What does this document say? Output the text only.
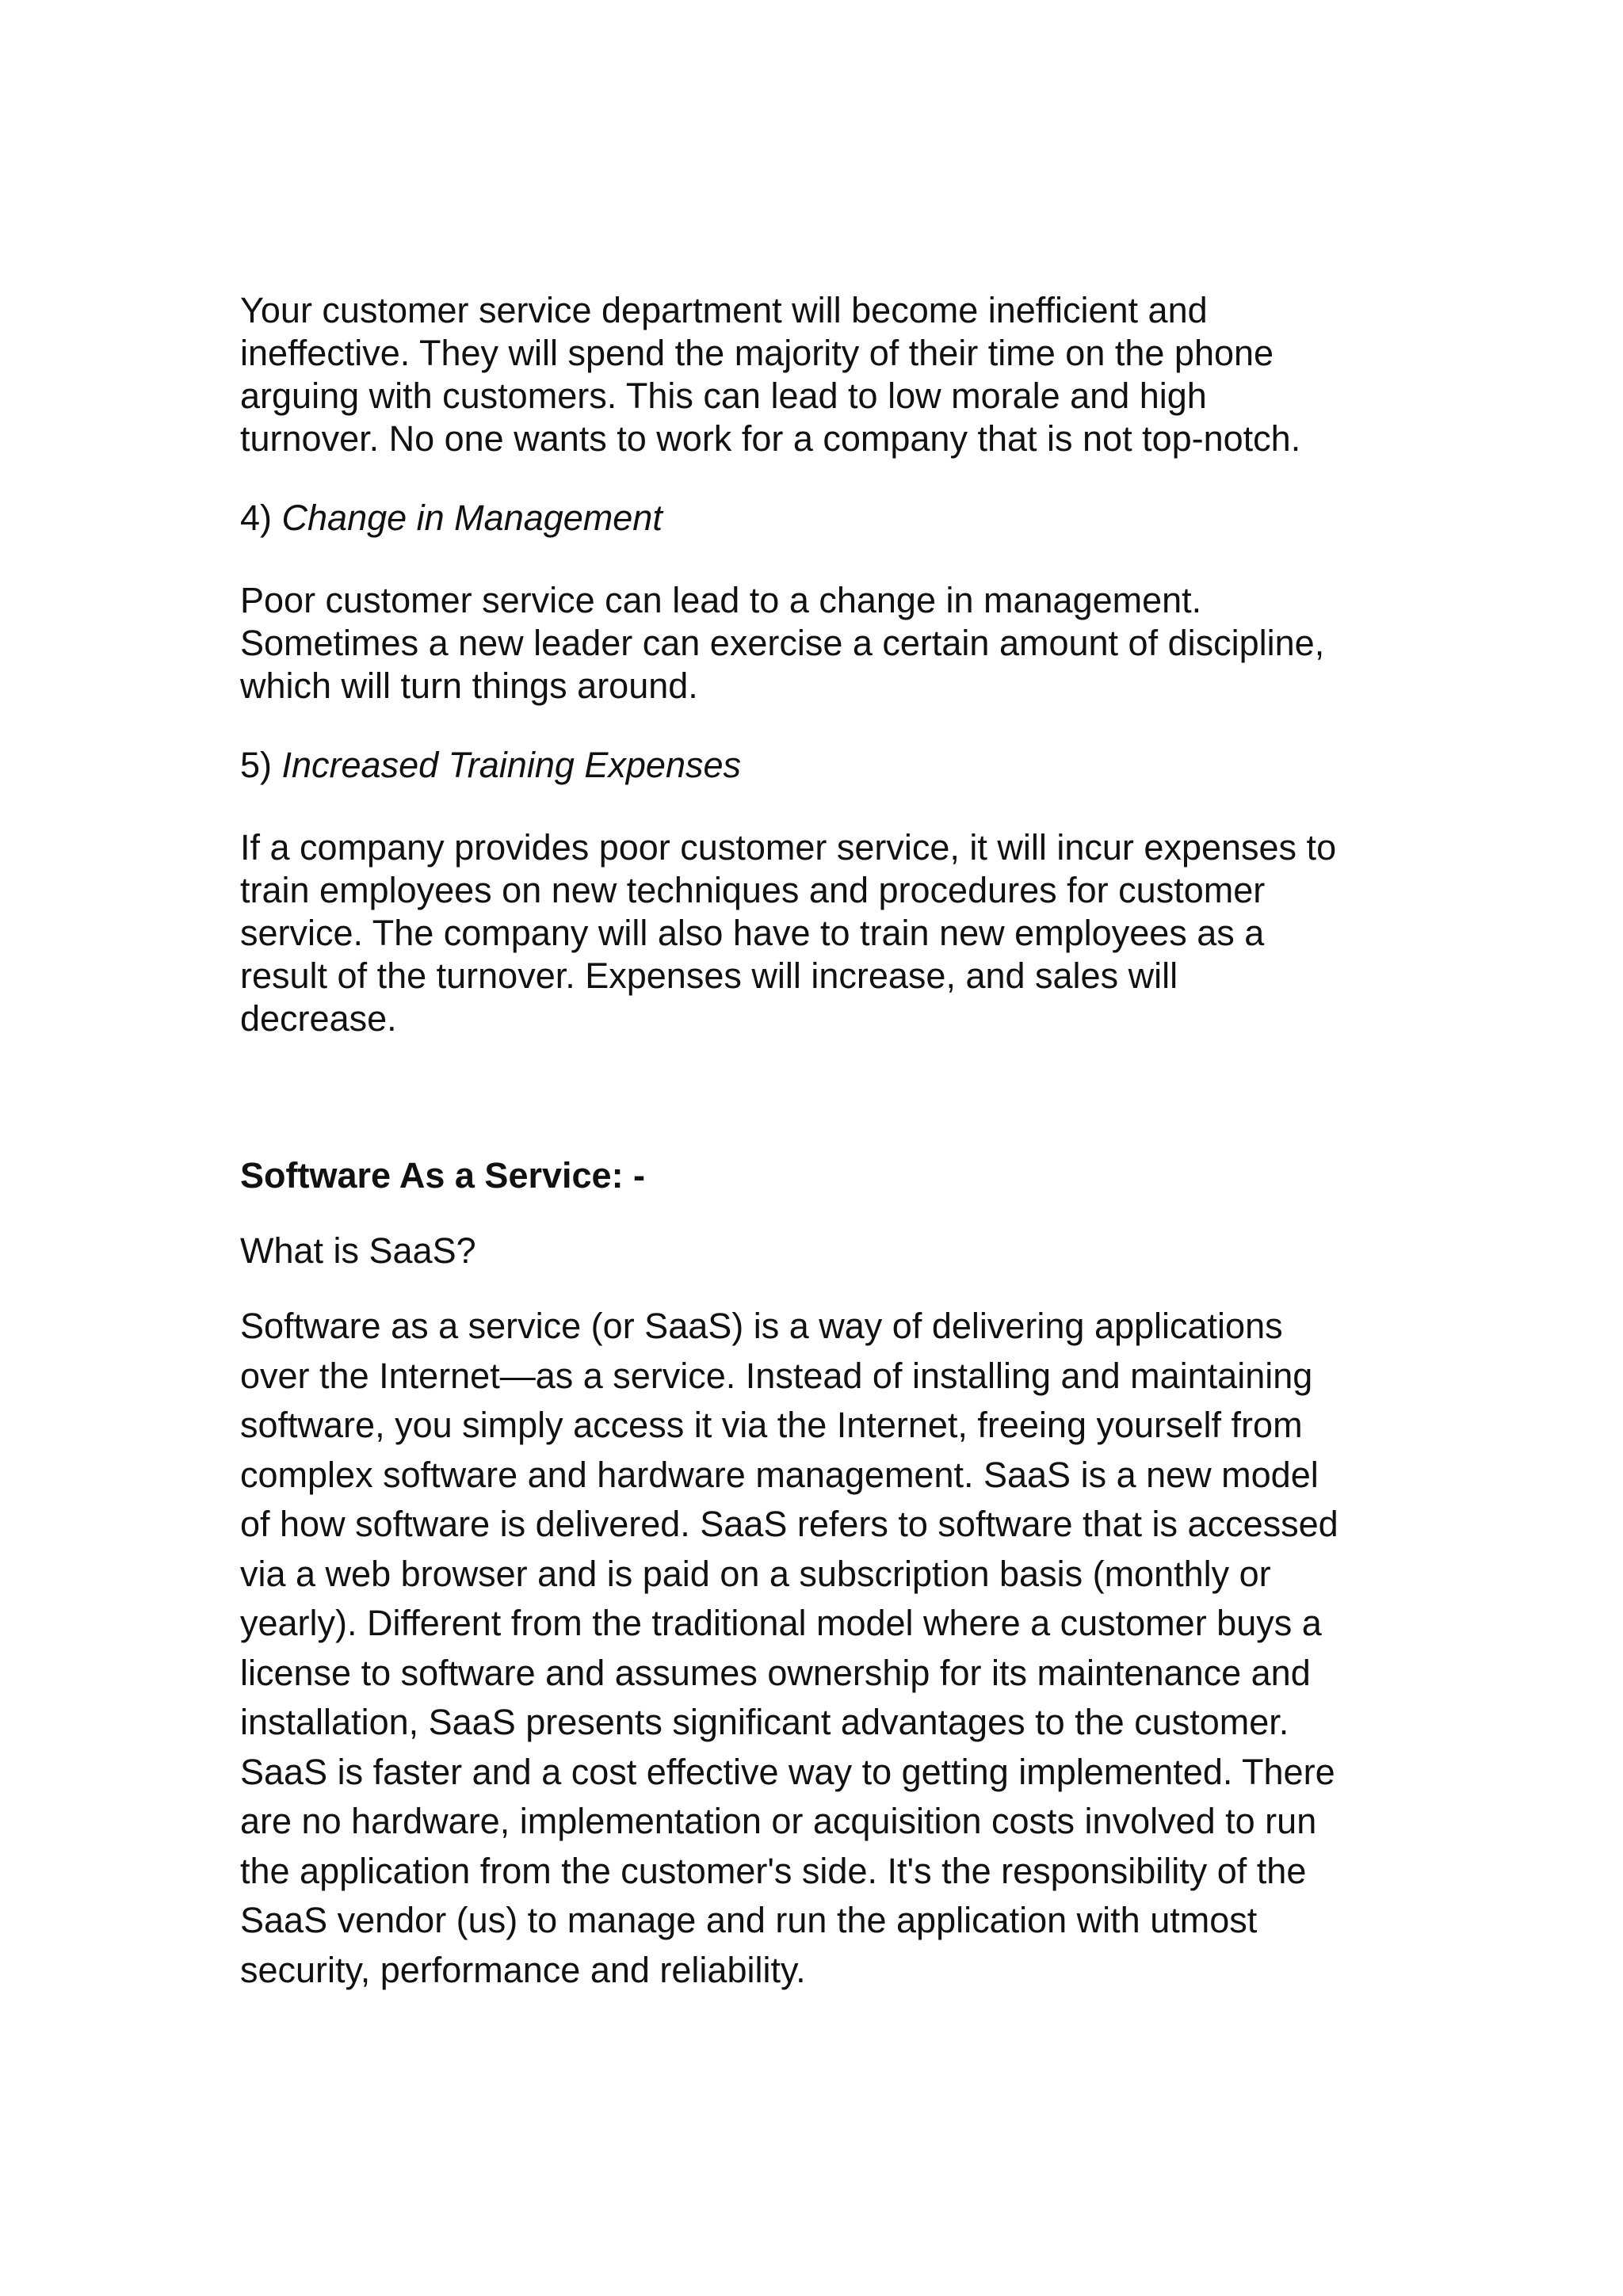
Your customer service department will become inefficient and
ineffective. They will spend the majority of their time on the phone
arguing with customers. This can lead to low morale and high
turnover. No one wants to work for a company that is not top-notch.

4) Change in Management

Poor customer service can lead to a change in management.
Sometimes a new leader can exercise a certain amount of discipline,
which will turn things around.

5) Increased Training Expenses

If a company provides poor customer service, it will incur expenses to
train employees on new techniques and procedures for customer
service. The company will also have to train new employees as a
result of the turnover. Expenses will increase, and sales will
decrease.

Software As a Service: -

What is SaaS?

Software as a service (or SaaS) is a way of delivering applications
over the Internet—as a service. Instead of installing and maintaining
software, you simply access it via the Internet, freeing yourself from
complex software and hardware management. SaaS is a new model
of how software is delivered. SaaS refers to software that is accessed
via a web browser and is paid on a subscription basis (monthly or
yearly). Different from the traditional model where a customer buys a
license to software and assumes ownership for its maintenance and
installation, SaaS presents significant advantages to the customer.
SaaS is faster and a cost effective way to getting implemented. There
are no hardware, implementation or acquisition costs involved to run
the application from the customer's side. It's the responsibility of the
SaaS vendor (us) to manage and run the application with utmost
security, performance and reliability.
